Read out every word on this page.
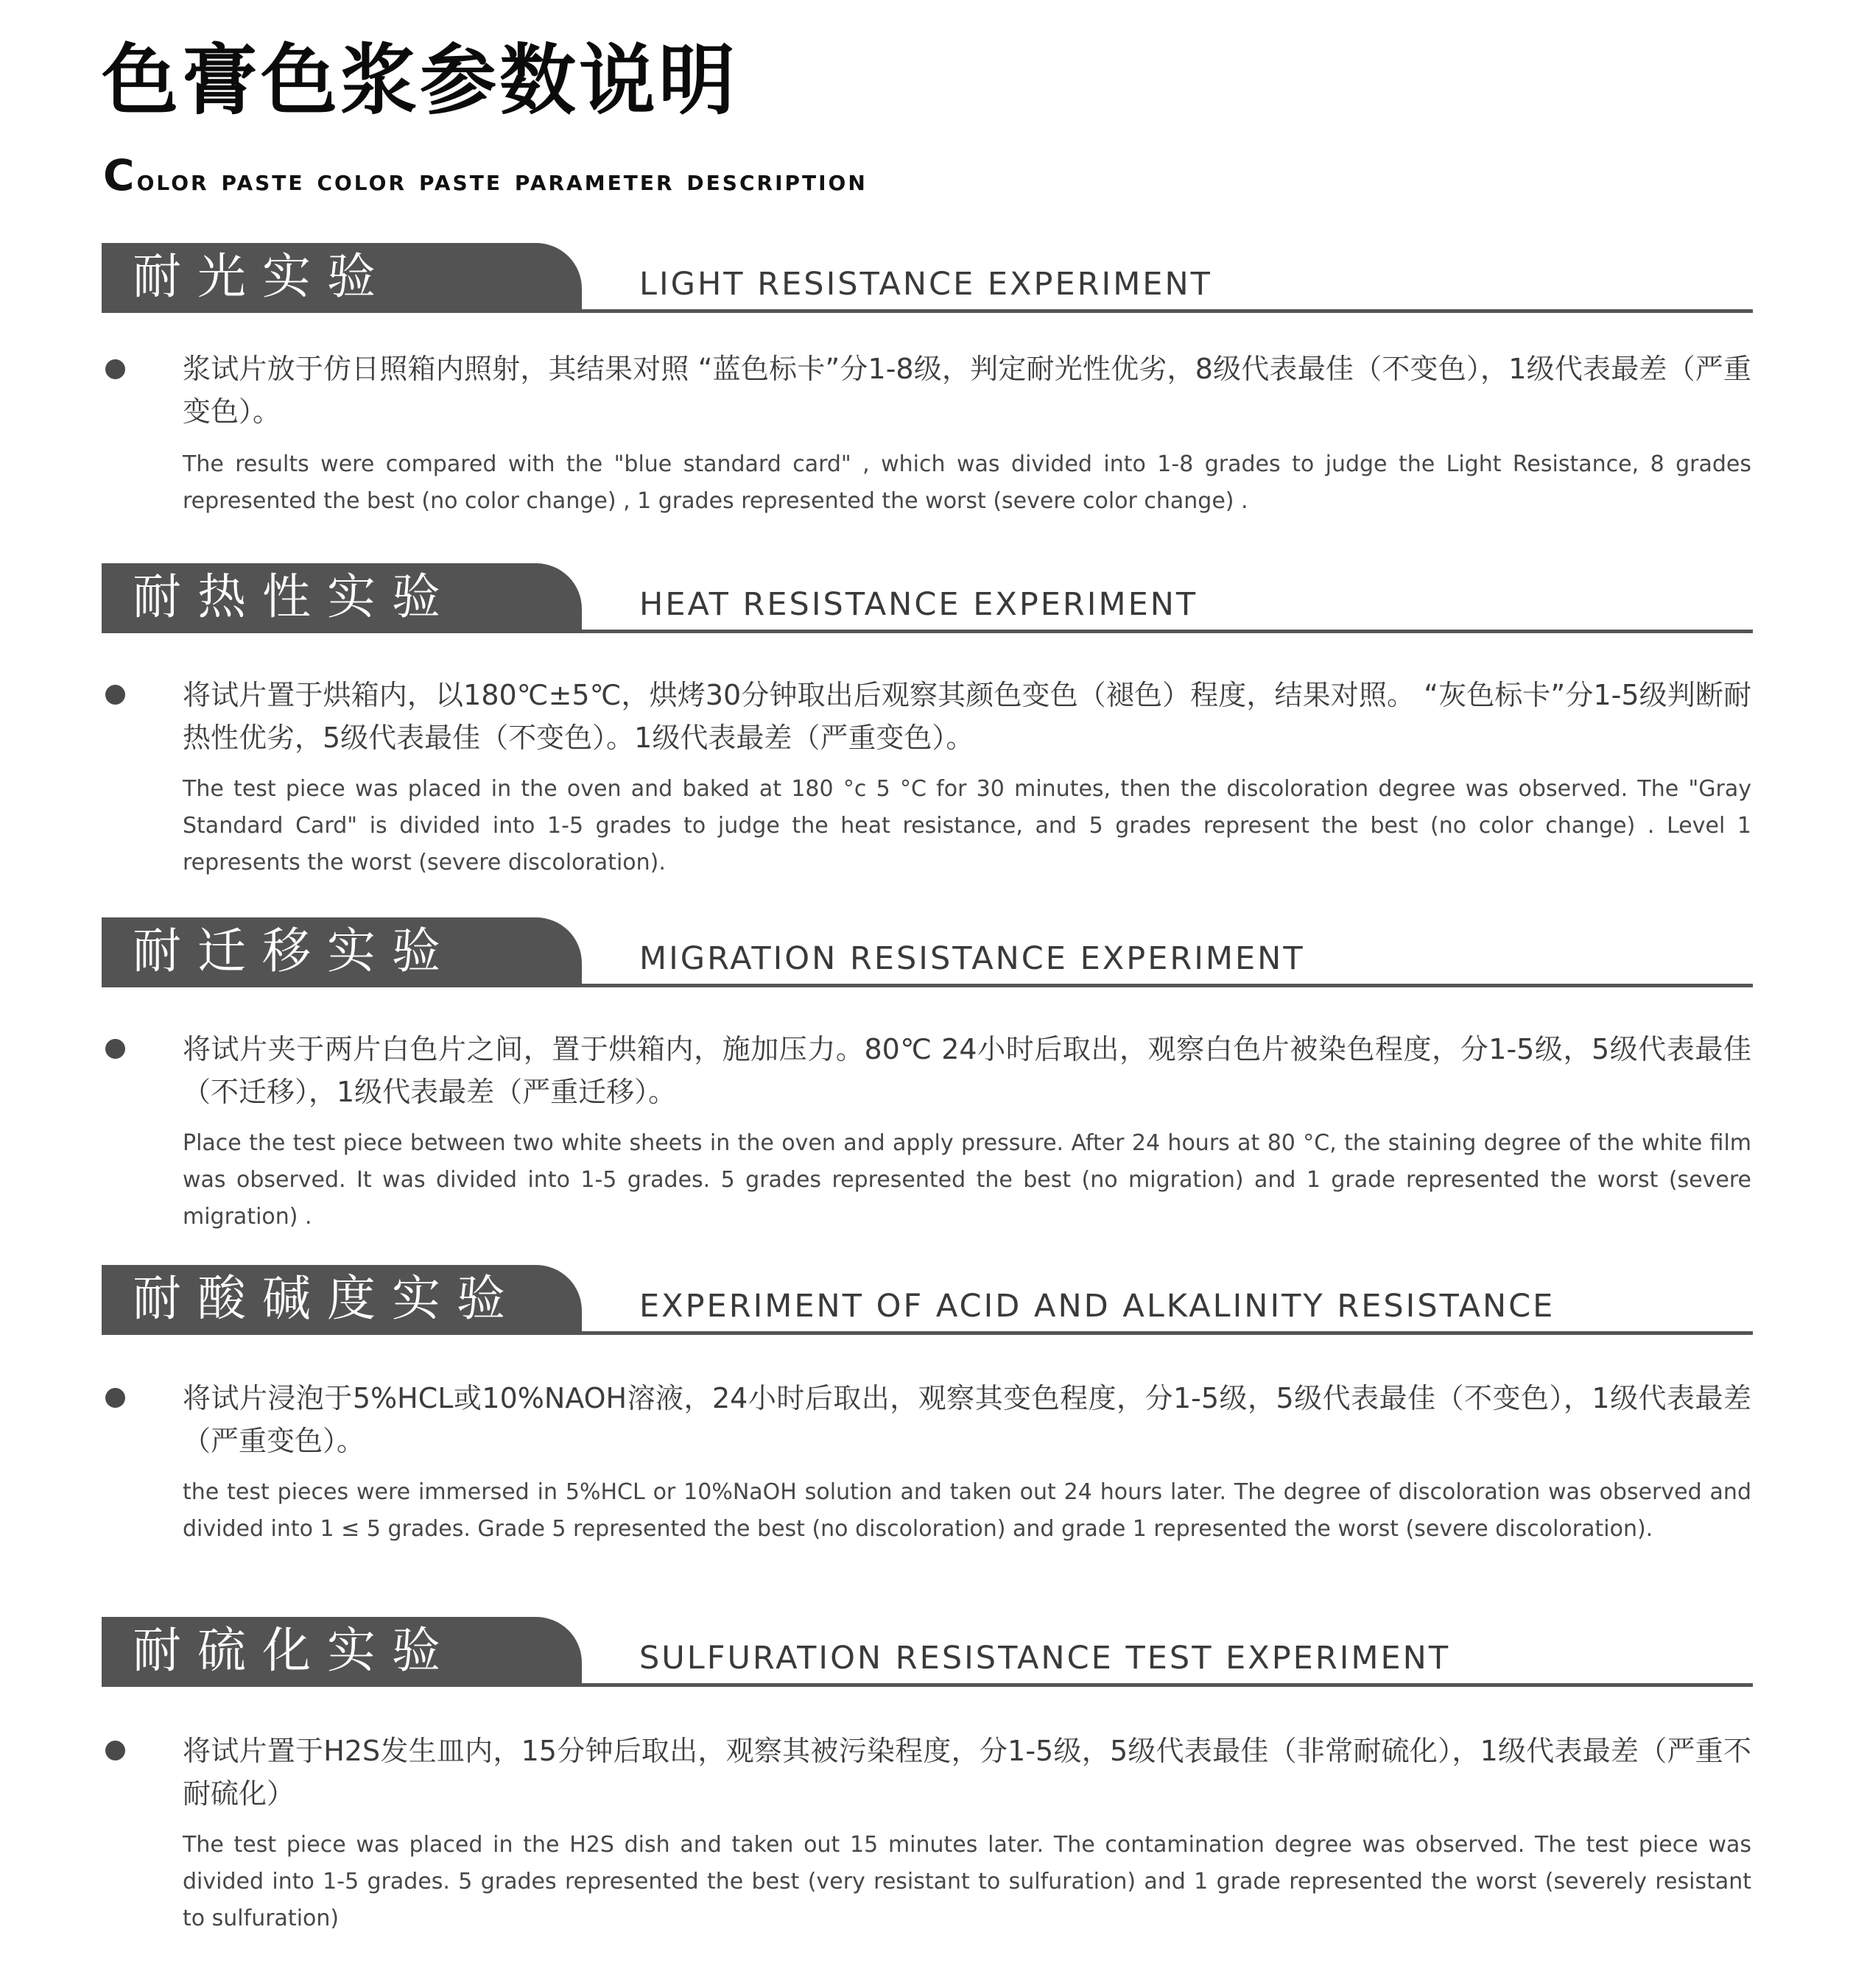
色膏色浆参数说明
Color paste color paste parameter description
耐光实验	LIGHT RESISTANCE EXPERIMENT
浆试片放于仿日照箱内照射，其结果对照 “蓝色标卡”分1-8级，判定耐光性优劣，8级代表最佳（不变色），1级代表最差（严重变色）。
The results were compared with the "blue standard card" , which was divided into 1-8 grades to judge the Light Resistance, 8 grades represented the best (no color change) , 1 grades represented the worst (severe color change) .
耐热性实验	HEAT RESISTANCE EXPERIMENT
将试片置于烘箱内，以180℃±5℃，烘烤30分钟取出后观察其颜色变色（褪色）程度，结果对照。 “灰色标卡”分1-5级判断耐热性优劣，5级代表最佳（不变色）。1级代表最差（严重变色）。
The test piece was placed in the oven and baked at 180 °c 5 °C for 30 minutes, then the discoloration degree was observed. The "Gray Standard Card" is divided into 1-5 grades to judge the heat resistance, and 5 grades represent the best (no color change) . Level 1 represents the worst (severe discoloration).
耐迁移实验	MIGRATION RESISTANCE EXPERIMENT
将试片夹于两片白色片之间，置于烘箱内，施加压力。80℃ 24小时后取出，观察白色片被染色程度，分1-5级，5级代表最佳（不迁移），1级代表最差（严重迁移）。
Place the test piece between two white sheets in the oven and apply pressure. After 24 hours at 80 °C, the staining degree of the white film was observed. It was divided into 1-5 grades. 5 grades represented the best (no migration) and 1 grade represented the worst (severe migration) .
耐酸碱度实验	EXPERIMENT OF ACID AND ALKALINITY RESISTANCE
将试片浸泡于5%HCL或10%NAOH溶液，24小时后取出，观察其变色程度，分1-5级，5级代表最佳（不变色），1级代表最差（严重变色）。
the test pieces were immersed in 5%HCL or 10%NaOH solution and taken out 24 hours later. The degree of discoloration was observed and divided into 1 ≤ 5 grades. Grade 5 represented the best (no discoloration) and grade 1 represented the worst (severe discoloration).
耐硫化实验	SULFURATION RESISTANCE TEST EXPERIMENT
将试片置于H2S发生皿内，15分钟后取出，观察其被污染程度，分1-5级，5级代表最佳（非常耐硫化），1级代表最差（严重不耐硫化）
The test piece was placed in the H2S dish and taken out 15 minutes later. The contamination degree was observed. The test piece was divided into 1-5 grades. 5 grades represented the best (very resistant to sulfuration) and 1 grade represented the worst (severely resistant to sulfuration)
